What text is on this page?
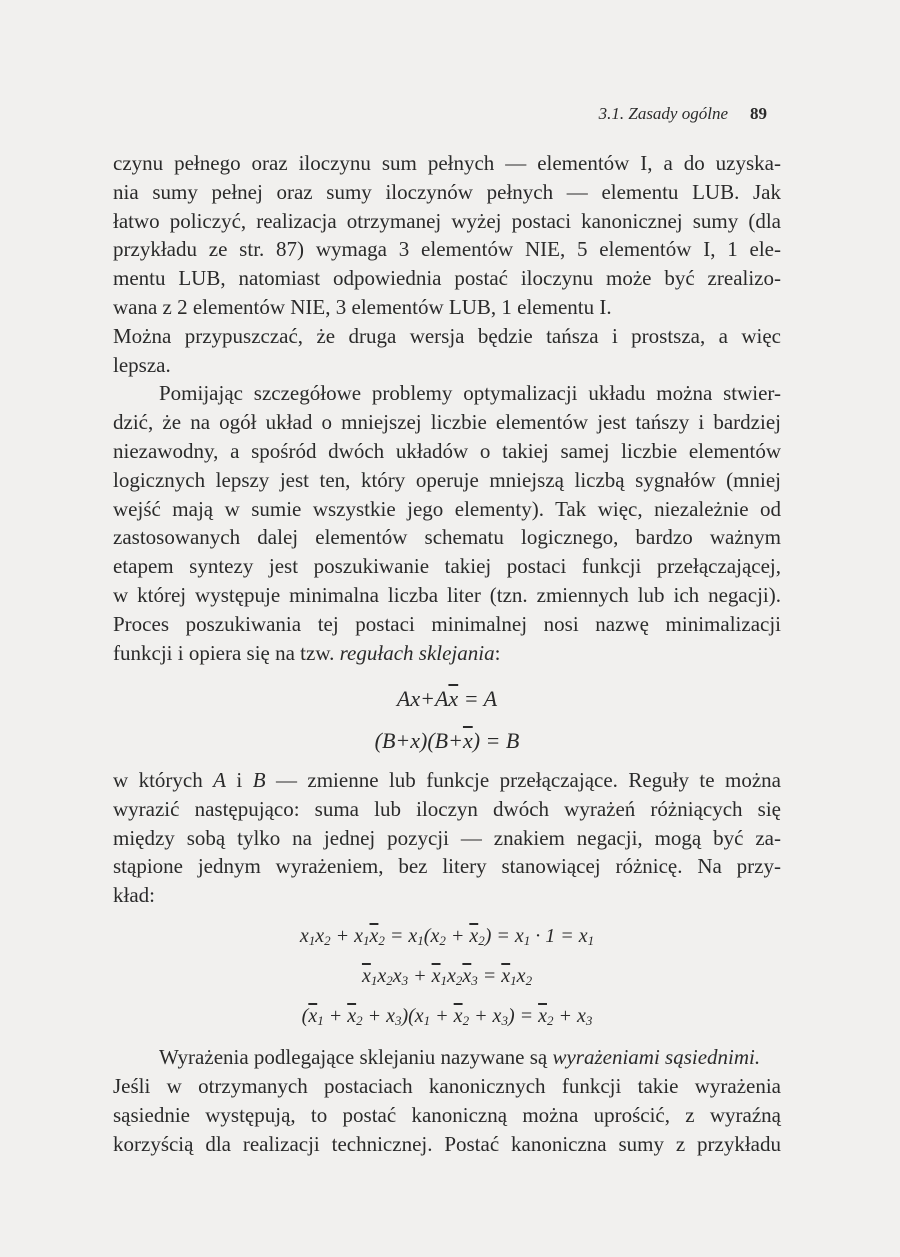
3.1. Zasady ogólne 89
czynu pełnego oraz iloczynu sum pełnych — elementów I, a do uzyska-
nia sumy pełnej oraz sumy iloczynów pełnych — elementu LUB. Jak
łatwo policzyć, realizacja otrzymanej wyżej postaci kanonicznej sumy (dla
przykładu ze str. 87) wymaga 3 elementów NIE, 5 elementów I, 1 ele-
mentu LUB, natomiast odpowiednia postać iloczynu może być zrealizo-
wana z 2 elementów NIE, 3 elementów LUB, 1 elementu I.
Można przypuszczać, że druga wersja będzie tańsza i prostsza, a więc
lepsza.
Pomijając szczegółowe problemy optymalizacji układu można stwier-
dzić, że na ogół układ o mniejszej liczbie elementów jest tańszy i bardziej
niezawodny, a spośród dwóch układów o takiej samej liczbie elementów
logicznych lepszy jest ten, który operuje mniejszą liczbą sygnałów (mniej
wejść mają w sumie wszystkie jego elementy). Tak więc, niezależnie od
zastosowanych dalej elementów schematu logicznego, bardzo ważnym
etapem syntezy jest poszukiwanie takiej postaci funkcji przełączającej,
w której występuje minimalna liczba liter (tzn. zmiennych lub ich negacji).
Proces poszukiwania tej postaci minimalnej nosi nazwę minimalizacji
funkcji i opiera się na tzw. regułach sklejania:

$Ax+A\overline{x} = A$

$(B+x)(B+\overline{x}) = B$

w których A i B — zmienne lub funkcje przełączające. Reguły te można
wyrazić następująco: suma lub iloczyn dwóch wyrażeń różniących się
między sobą tylko na jednej pozycji — znakiem negacji, mogą być za-
stąpione jednym wyrażeniem, bez litery stanowiącej różnicę. Na przy-
kład:

$x_1x_2 + x_1\overline{x}_2 = x_1(x_2 + \overline{x}_2) = x_1 \cdot 1 = x_1$

$\overline{x}_1x_2x_3 + \overline{x}_1x_2\overline{x}_3 = \overline{x}_1x_2$

$(\overline{x}_1 + \overline{x}_2 + x_3)(x_1 + \overline{x}_2 + x_3) = \overline{x}_2 + x_3$

Wyrażenia podlegające sklejaniu nazywane są wyrażeniami sąsiednimi.
Jeśli w otrzymanych postaciach kanonicznych funkcji takie wyrażenia
sąsiednie występują, to postać kanoniczną można uprościć, z wyraźną
korzyścią dla realizacji technicznej. Postać kanoniczna sumy z przykładu
